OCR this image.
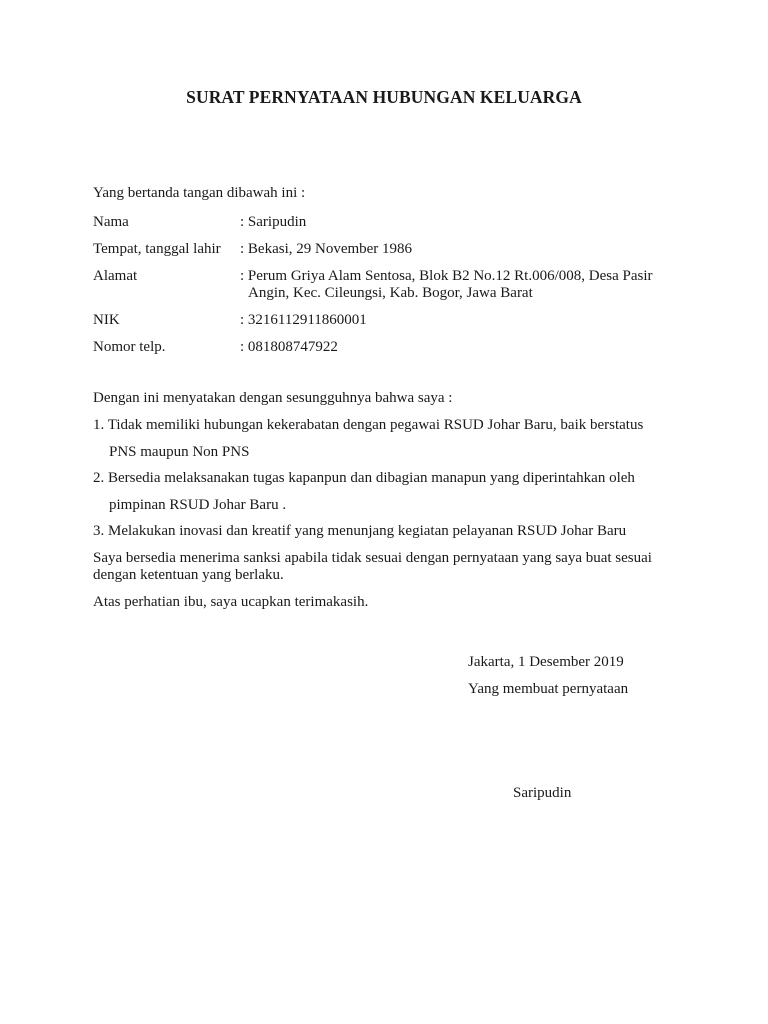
SURAT PERNYATAAN HUBUNGAN KELUARGA
Yang bertanda tangan dibawah ini :
Nama	: Saripudin
Tempat, tanggal lahir : Bekasi, 29 November 1986
Alamat	: Perum Griya Alam Sentosa, Blok B2 No.12 Rt.006/008, Desa Pasir
Angin, Kec. Cileungsi, Kab. Bogor, Jawa Barat
NIK	: 3216112911860001
Nomor telp.	: 081808747922
Dengan ini menyatakan dengan sesungguhnya bahwa saya :
1. Tidak memiliki hubungan kekerabatan dengan pegawai RSUD Johar Baru, baik berstatus
PNS maupun Non PNS
2. Bersedia melaksanakan tugas kapanpun dan dibagian manapun yang diperintahkan oleh
pimpinan RSUD Johar Baru .
3. Melakukan inovasi dan kreatif yang menunjang kegiatan pelayanan RSUD Johar Baru
Saya bersedia menerima sanksi apabila tidak sesuai dengan pernyataan yang saya buat sesuai
dengan ketentuan yang berlaku.
Atas perhatian ibu, saya ucapkan terimakasih.
Jakarta, 1 Desember 2019
Yang membuat pernyataan
Saripudin
